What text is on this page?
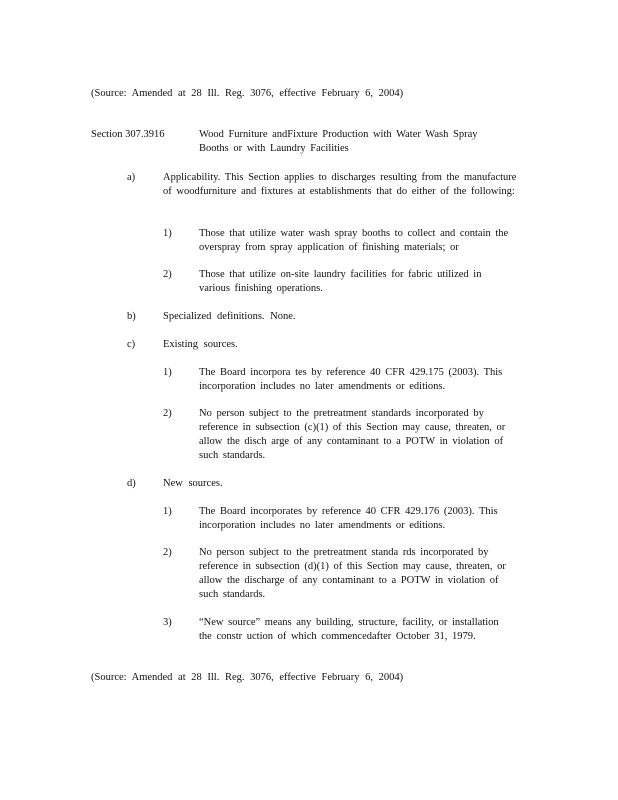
(Source: Amended at 28 Ill. Reg. 3076, effective February 6, 2004)
Section 307.3916	Wood Furniture andFixture Production with Water Wash Spray Booths or with Laundry Facilities
a)	Applicability. This Section applies to discharges resulting from the manufacture of woodfurniture and fixtures at establishments that do either of the following:
1)	Those that utilize water wash spray booths to collect and contain the overspray from spray application of finishing materials; or
2)	Those that utilize on-site laundry facilities for fabric utilized in various finishing operations.
b)	Specialized definitions. None.
c)	Existing sources.
1)	The Board incorpora tes by reference 40 CFR 429.175 (2003). This incorporation includes no later amendments or editions.
2)	No person subject to the pretreatment standards incorporated by reference in subsection (c)(1) of this Section may cause, threaten, or allow the disch arge of any contaminant to a POTW in violation of such standards.
d)	New sources.
1)	The Board incorporates by reference 40 CFR 429.176 (2003). This incorporation includes no later amendments or editions.
2)	No person subject to the pretreatment standa rds incorporated by reference in subsection (d)(1) of this Section may cause, threaten, or allow the discharge of any contaminant to a POTW in violation of such standards.
3)	“New source” means any building, structure, facility, or installation the constr uction of which commencedafter October 31, 1979.
(Source: Amended at 28 Ill. Reg. 3076, effective February 6, 2004)
